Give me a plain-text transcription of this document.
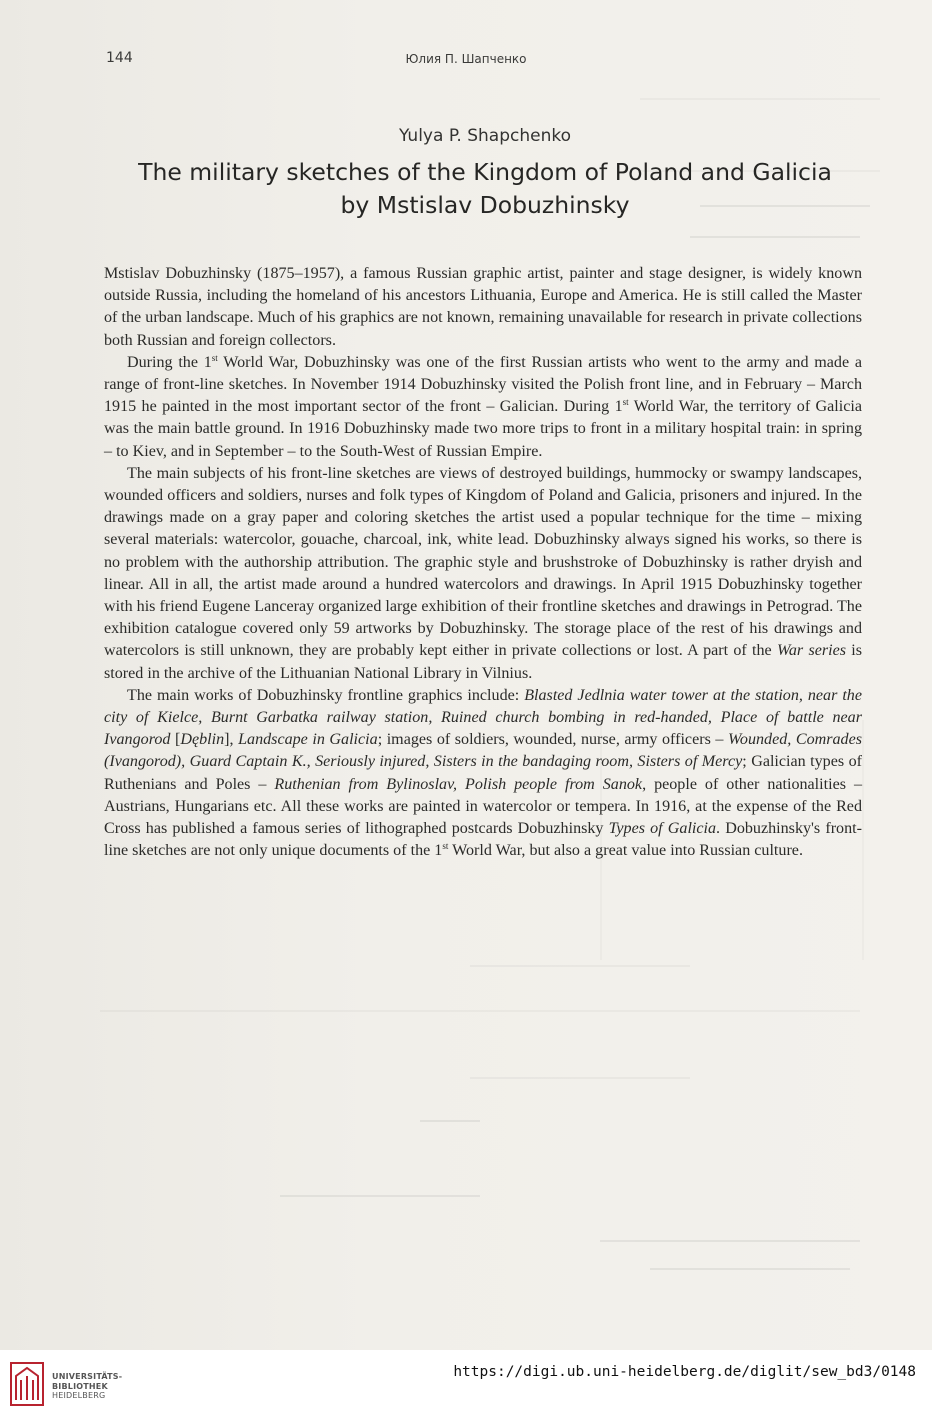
144	Юлия П. Шапченко
Yulya P. Shapchenko
The military sketches of the Kingdom of Poland and Galicia
by Mstislav Dobuzhinsky

Mstislav Dobuzhinsky (1875–1957), a famous Russian graphic artist, painter and stage designer, is widely known outside Russia, including the homeland of his ancestors Lithuania, Europe and America. He is still called the Master of the urban landscape. Much of his graphics are not known, remaining unavailable for research in private collections both Russian and foreign collectors.

During the 1st World War, Dobuzhinsky was one of the first Russian artists who went to the army and made a range of front-line sketches. In November 1914 Dobuzhinsky visited the Polish front line, and in February – March 1915 he painted in the most important sector of the front – Galician. During 1st World War, the territory of Galicia was the main battle ground. In 1916 Dobuzhinsky made two more trips to front in a military hospital train: in spring – to Kiev, and in September – to the South-West of Russian Empire.

The main subjects of his front-line sketches are views of destroyed buildings, hummocky or swampy landscapes, wounded officers and soldiers, nurses and folk types of Kingdom of Poland and Galicia, prisoners and injured. In the drawings made on a gray paper and coloring sketches the artist used a popular technique for the time – mixing several materials: watercolor, gouache, charcoal, ink, white lead. Dobuzhinsky always signed his works, so there is no problem with the authorship attribution. The graphic style and brushstroke of Dobuzhinsky is rather dryish and linear. All in all, the artist made around a hundred watercolors and drawings. In April 1915 Dobuzhinsky together with his friend Eugene Lanceray organized large exhibition of their frontline sketches and drawings in Petrograd. The exhibition catalogue covered only 59 artworks by Dobuzhinsky. The storage place of the rest of his drawings and watercolors is still unknown, they are probably kept either in private collections or lost. A part of the War series is stored in the archive of the Lithuanian National Library in Vilnius.

The main works of Dobuzhinsky frontline graphics include: Blasted Jedlnia water tower at the station, near the city of Kielce, Burnt Garbatka railway station, Ruined church bombing in red-handed, Place of battle near Ivangorod [Dęblin], Landscape in Galicia; images of soldiers, wounded, nurse, army officers – Wounded, Comrades (Ivangorod), Guard Captain K., Seriously injured, Sisters in the bandaging room, Sisters of Mercy; Galician types of Ruthenians and Poles – Ruthenian from Bylinoslav, Polish people from Sanok, people of other nationalities – Austrians, Hungarians etc. All these works are painted in watercolor or tempera. In 1916, at the expense of the Red Cross has published a famous series of lithographed postcards Dobuzhinsky Types of Galicia. Dobuzhinsky's front-line sketches are not only unique documents of the 1st World War, but also a great value into Russian culture.

UNIVERSITÄTS-
BIBLIOTHEK
HEIDELBERG
https://digi.ub.uni-heidelberg.de/diglit/sew_bd3/0148
